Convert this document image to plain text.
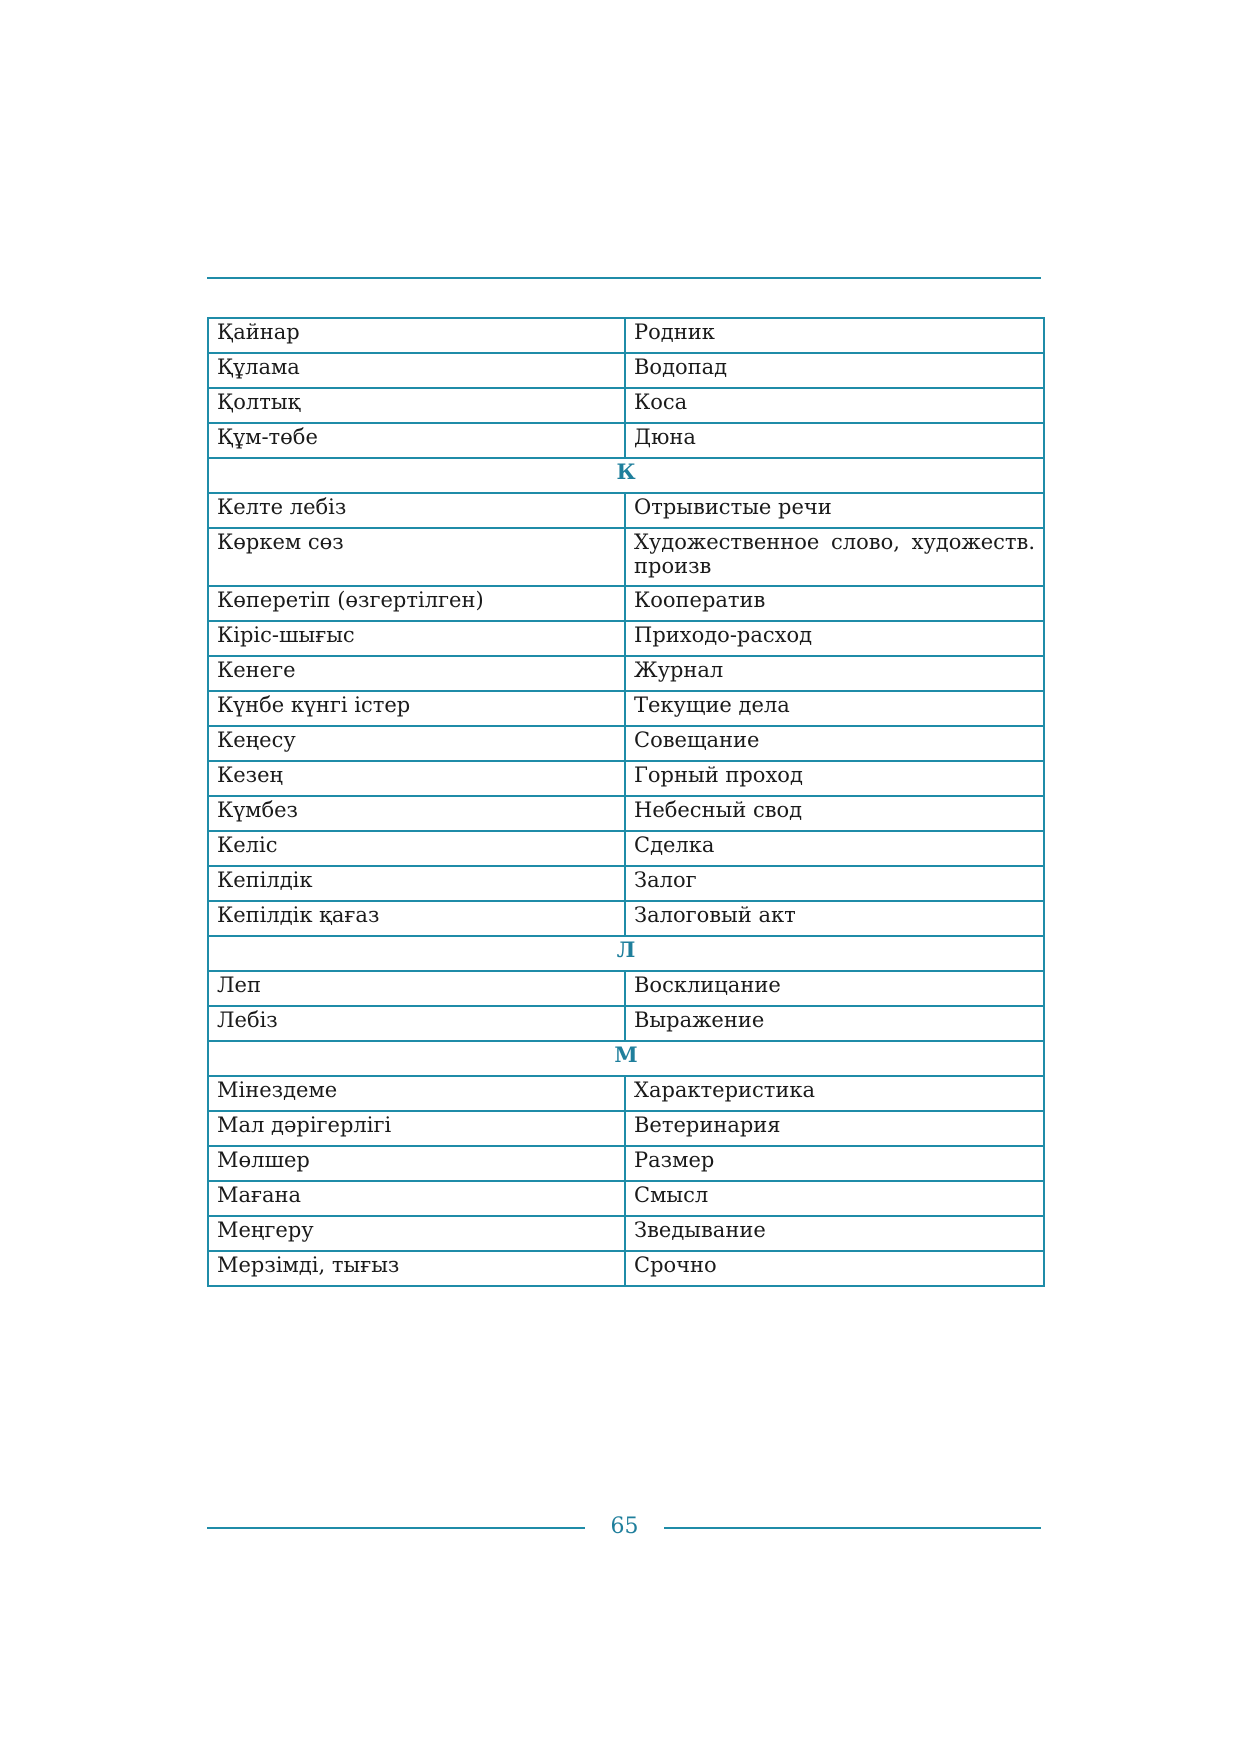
Қайнар	Родник
Құлама	Водопад
Қолтық	Коса
Құм-төбе	Дюна
К	
Келте лебіз	Отрывистые речи
Көркем сөз	Художественное слово, художеств. произв
Көперетіп (өзгертілген)	Кооператив
Кіріс-шығыс	Приходо-расход
Кенеге	Журнал
Күнбе күнгі істер	Текущие дела
Кеңесу	Совещание
Кезең	Горный проход
Күмбез	Небесный свод
Келіс	Сделка
Кепілдік	Залог
Кепілдік қағаз	Залоговый акт
Л	
Леп	Восклицание
Лебіз	Выражение
М	
Мінездеме	Характеристика
Мал дәрігерлігі	Ветеринария
Мөлшер	Размер
Мағана	Смысл
Меңгеру	Зведывание
Мерзімді, тығыз	Срочно
65
